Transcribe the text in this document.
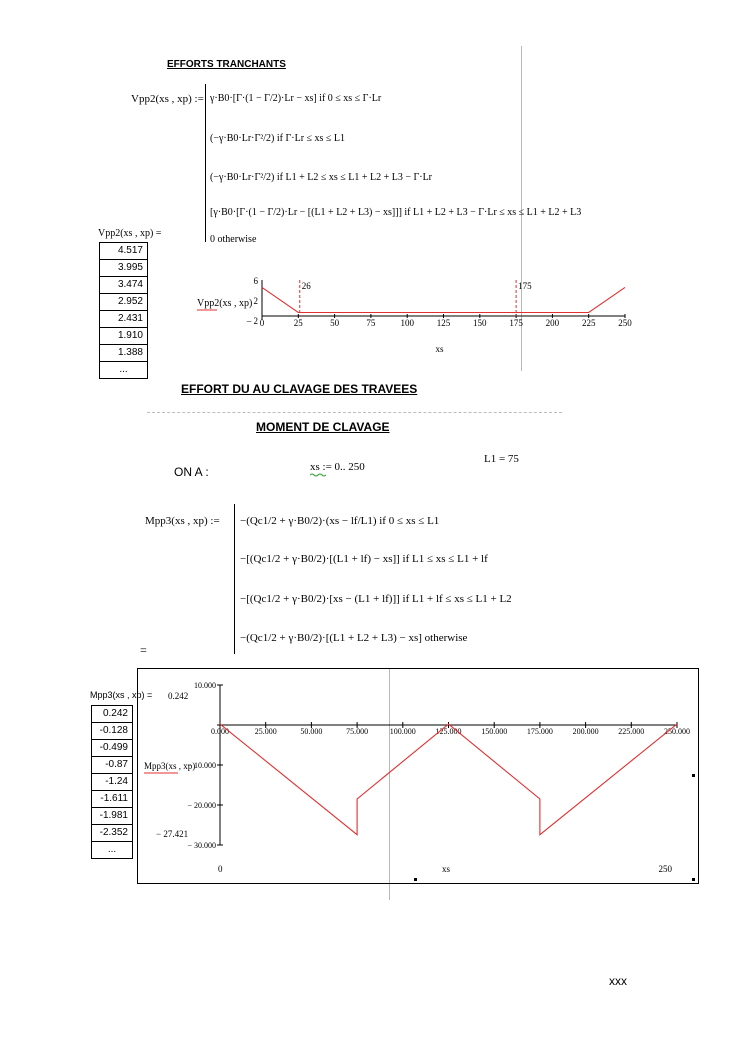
EFFORTS TRANCHANTS
Vpp2(xs , xp) := γ·B0·[Γ·(1 − Γ/2)·Lr − xs] if 0 ≤ xs ≤ Γ·Lr
(−γ·B0·Lr·Γ²/2) if Γ·Lr ≤ xs ≤ L1
(−γ·B0·Lr·Γ²/2) if L1 + L2 ≤ xs ≤ L1 + L2 + L3 − Γ·Lr
[γ·B0·[Γ·(1 − Γ/2)·Lr − [(L1 + L2 + L3) − xs]]] if L1 + L2 + L3 − Γ·Lr ≤ xs ≤ L1 + L2 + L3
0 otherwise
Vpp2(xs , xp) =
4.517
3.995
3.474
2.952
2.431
1.910
1.388
...
6
2
– 2 0	25	50	75	100	125	150	175	200	225	250
26	175
Vpp2(xs , xp)
xs
EFFORT DU AU CLAVAGE DES TRAVEES
MOMENT DE CLAVAGE
ON A :	xs := 0.. 250
L1 = 75
Mpp3(xs , xp) := −(Qc1/2 + γ·B0/2)·(xs − lf/L1) if 0 ≤ xs ≤ L1
−[(Qc1/2 + γ·B0/2)·[(L1 + lf) − xs]] if L1 ≤ xs ≤ L1 + lf
−[(Qc1/2 + γ·B0/2)·[xs − (L1 + lf)]] if L1 + lf ≤ xs ≤ L1 + L2
−(Qc1/2 + γ·B0/2)·[(L1 + L2 + L3) − xs] otherwise
=
Mpp3(xs , xp) =
0.242
-0.128
-0.499
-0.87
-1.24
-1.611
-1.981
-2.352
...
10.000
− 10.000
− 20.000
− 30.000
0.000	25.000	50.000	75.000	100.000 125.000 150.000 175.000 200.000 225.000 250.000
0.242
− 27.421
Mpp3(xs , xp)
0	xs	250
xxx
